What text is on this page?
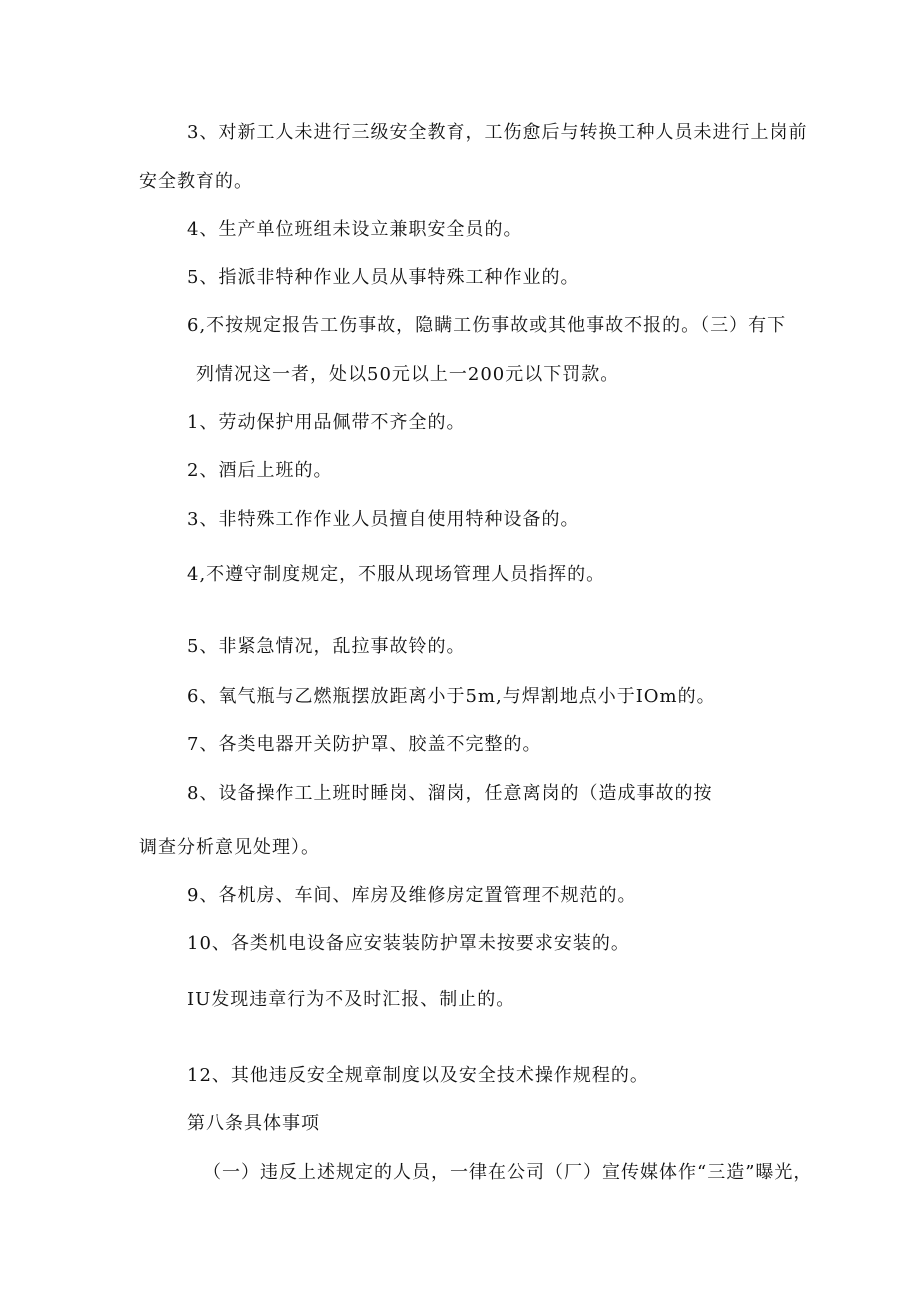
3、对新工人未进行三级安全教育，工伤愈后与转换工种人员未进行上岗前

安全教育的。

4、生产单位班组未设立兼职安全员的。

5、指派非特种作业人员从事特殊工种作业的。

6,不按规定报告工伤事故，隐瞒工伤事故或其他事故不报的。（三）有下

列情况这一者，处以50元以上一200元以下罚款。

1、劳动保护用品佩带不齐全的。

2、酒后上班的。

3、非特殊工作作业人员擅自使用特种设备的。

4,不遵守制度规定，不服从现场管理人员指挥的。

5、非紧急情况，乱拉事故铃的。

6、氧气瓶与乙燃瓶摆放距离小于5m,与焊割地点小于IOm的。

7、各类电器开关防护罩、胶盖不完整的。

8、设备操作工上班时睡岗、溜岗，任意离岗的（造成事故的按

调查分析意见处理）。

9、各机房、车间、库房及维修房定置管理不规范的。

10、各类机电设备应安装装防护罩未按要求安装的。

IU发现违章行为不及时汇报、制止的。

12、其他违反安全规章制度以及安全技术操作规程的。

第八条具体事项

（一）违反上述规定的人员，一律在公司（厂）宣传媒体作“三造”曝光，
